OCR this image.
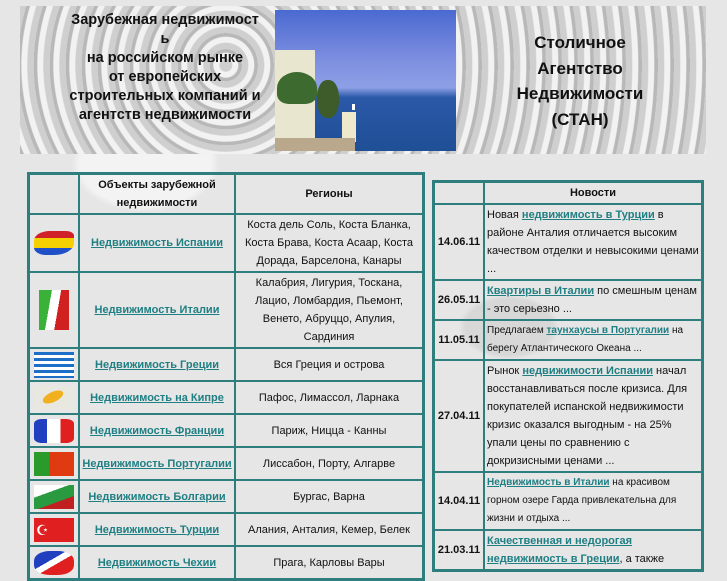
Зарубежная недвижимост
ь
на российском рынке
от европейских
строительных компаний и
агентств недвижимости
Столичное
Агентство
Недвижимости
(СТАН)
	Объекты зарубежной недвижимости	Регионы
	Недвижимость Испании	Коста дель Соль, Коста Бланка, Коста Брава, Коста Асаар, Коста Дорада, Барселона, Канары
	Недвижимость Италии	Калабрия, Лигурия, Тоскана, Лацио, Ломбардия, Пьемонт, Венето, Абруццо, Апулия, Сардиния
	Недвижимость Греции	Вся Греция и острова

	Недвижимость на Кипре	Пафос, Лимассол, Ларнака
	Недвижимость Франции	Париж, Ницца - Канны
	Недвижимость Португалии	Лиссабон, Порту, Алгарве
	Недвижимость Болгарии	Бургас, Варна
☪	Недвижимость Турции	Алания, Анталия, Кемер, Белек
	Недвижимость Чехии	Прага, Карловы Вары
	Новости
14.06.11	Новая недвижимость в Турции в районе Анталия отличается высоким качеством отделки и невысокими ценами ...
26.05.11	Квартиры в Италии по смешным ценам - это серьезно ...
11.05.11	Предлагаем таунхаусы в Португалии на берегу Атлантического Океана ...
27.04.11	Рынок недвижимости Испании начал восстанавливаться после кризиса. Для покупателей испанской недвижимости кризис оказался выгодным - на 25% упали цены по сравнению с докризисными ценами ...
14.04.11	Недвижимость в Италии на красивом горном озере Гарда привлекательна для жизни и отдыха ...
21.03.11	Качественная и недорогая недвижимость в Греции, а также
